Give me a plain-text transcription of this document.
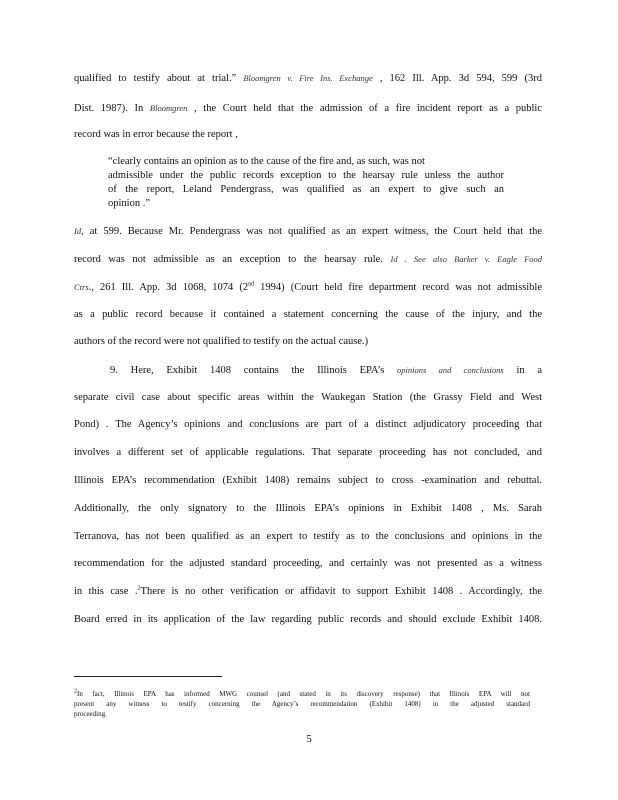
qualified to testify about at trial.” Bloomgren v. Fire Ins. Exchange , 162 Ill. App. 3d 594, 599 (3rd
Dist. 1987). In Bloomgren , the Court held that the admission of a fire incident report as a public
record was in error because the report ,
“clearly contains an opinion as to the cause of the fire and, as such, was not
admissible under the public records exception to the hearsay rule unless the author
of the report, Leland Pendergrass, was qualified as an expert to give such an
opinion .”
Id, at 599. Because Mr. Pendergrass was not qualified as an expert witness, the Court held that the
record was not admissible as an exception to the hearsay rule. Id . See also Barker v. Eagle Food
Ctrs., 261 Ill. App. 3d 1068, 1074 (2nd 1994) (Court held fire department record was not admissible
as a public record because it contained a statement concerning the cause of the injury, and the
authors of the record were not qualified to testify on the actual cause.)
9. Here, Exhibit 1408 contains the Illinois EPA’s opinions and conclusions in a
separate civil case about specific areas within the Waukegan Station (the Grassy Field and West
Pond) . The Agency’s opinions and conclusions are part of a distinct adjudicatory proceeding that
involves a different set of applicable regulations. That separate proceeding has not concluded, and
Illinois EPA’s recommendation (Exhibit 1408) remains subject to cross -examination and rebuttal.
Additionally, the only signatory to the Illinois EPA’s opinions in Exhibit 1408 , Ms. Sarah
Terranova, has not been qualified as an expert to testify as to the conclusions and opinions in the
recommendation for the adjusted standard proceeding, and certainly was not presented as a witness
in this case .$^2$There is no other verification or affidavit to support Exhibit 1408 . Accordingly, the
Board erred in its application of the law regarding public records and should exclude Exhibit 1408.
$^2$In fact, Illinois EPA has informed MWG counsel (and stated in its discovery response) that Illinois EPA will not
present any witness to testify concerning the Agency’s recommendation (Exhibit 1408) in the adjusted standard
proceeding.
5
